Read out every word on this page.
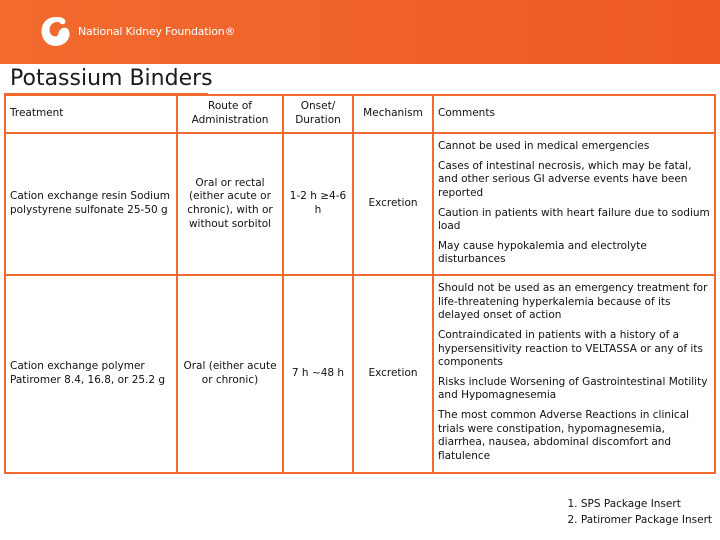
National Kidney Foundation®
Potassium Binders
Treatment	Route of Administration	Onset/ Duration	Mechanism	Comments
Cation exchange resin Sodium polystyrene sulfonate 25-50 g	Oral or rectal (either acute or chronic), with or without sorbitol	1-2 h ≥4-6 h	Excretion	Cannot be used in medical emergencies
Cases of intestinal necrosis, which may be fatal, and other serious GI adverse events have been reported
Caution in patients with heart failure due to sodium load
May cause hypokalemia and electrolyte disturbances

Cation exchange polymer Patiromer 8.4, 16.8, or 25.2 g	Oral (either acute or chronic)	7 h ~48 h	Excretion	Should not be used as an emergency treatment for life-threatening hyperkalemia because of its delayed onset of action
Contraindicated in patients with a history of a hypersensitivity reaction to VELTASSA or any of its components
Risks include Worsening of Gastrointestinal Motility and Hypomagnesemia
The most common Adverse Reactions in clinical trials were constipation, hypomagnesemia, diarrhea, nausea, abdominal discomfort and flatulence
1. SPS Package Insert
2. Patiromer Package Insert
